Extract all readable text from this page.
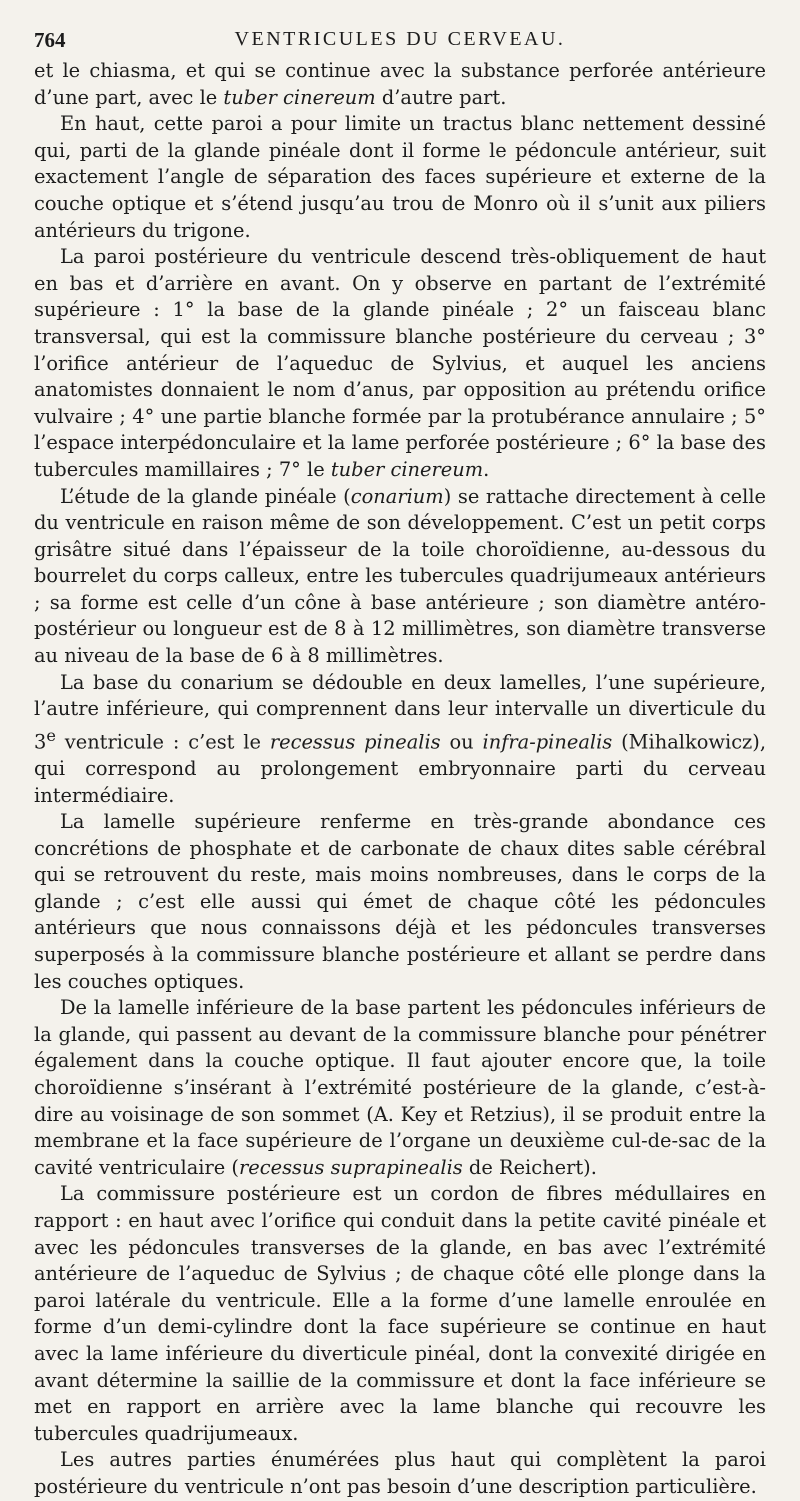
764	VENTRICULES DU CERVEAU.

et le chiasma, et qui se continue avec la substance perforée antérieure d’une part, avec le tuber cinereum d’autre part.

En haut, cette paroi a pour limite un tractus blanc nettement dessiné qui, parti de la glande pinéale dont il forme le pédoncule antérieur, suit exactement l’angle de séparation des faces supérieure et externe de la couche optique et s’étend jusqu’au trou de Monro où il s’unit aux piliers antérieurs du trigone.

La paroi postérieure du ventricule descend très-obliquement de haut en bas et d’arrière en avant. On y observe en partant de l’extrémité supérieure : 1° la base de la glande pinéale ; 2° un faisceau blanc transversal, qui est la commissure blanche postérieure du cerveau ; 3° l’orifice antérieur de l’aqueduc de Sylvius, et auquel les anciens anatomistes donnaient le nom d’anus, par opposition au prétendu orifice vulvaire ; 4° une partie blanche formée par la protubérance annulaire ; 5° l’espace interpédonculaire et la lame perforée postérieure ; 6° la base des tubercules mamillaires ; 7° le tuber cinereum.

L’étude de la glande pinéale (conarium) se rattache directement à celle du ventricule en raison même de son développement. C’est un petit corps grisâtre situé dans l’épaisseur de la toile choroïdienne, au-dessous du bourrelet du corps calleux, entre les tubercules quadrijumeaux antérieurs ; sa forme est celle d’un cône à base antérieure ; son diamètre antéro-postérieur ou longueur est de 8 à 12 millimètres, son diamètre transverse au niveau de la base de 6 à 8 millimètres.

La base du conarium se dédouble en deux lamelles, l’une supérieure, l’autre inférieure, qui comprennent dans leur intervalle un diverticule du 3e ventricule : c’est le recessus pinealis ou infra-pinealis (Mihalkowicz), qui correspond au prolongement embryonnaire parti du cerveau intermédiaire.

La lamelle supérieure renferme en très-grande abondance ces concrétions de phosphate et de carbonate de chaux dites sable cérébral qui se retrouvent du reste, mais moins nombreuses, dans le corps de la glande ; c’est elle aussi qui émet de chaque côté les pédoncules antérieurs que nous connaissons déjà et les pédoncules transverses superposés à la commissure blanche postérieure et allant se perdre dans les couches optiques.

De la lamelle inférieure de la base partent les pédoncules inférieurs de la glande, qui passent au devant de la commissure blanche pour pénétrer également dans la couche optique. Il faut ajouter encore que, la toile choroïdienne s’insérant à l’extrémité postérieure de la glande, c’est-à-dire au voisinage de son sommet (A. Key et Retzius), il se produit entre la membrane et la face supérieure de l’organe un deuxième cul-de-sac de la cavité ventriculaire (recessus suprapinealis de Reichert).

La commissure postérieure est un cordon de fibres médullaires en rapport : en haut avec l’orifice qui conduit dans la petite cavité pinéale et avec les pédoncules transverses de la glande, en bas avec l’extrémité antérieure de l’aqueduc de Sylvius ; de chaque côté elle plonge dans la paroi latérale du ventricule. Elle a la forme d’une lamelle enroulée en forme d’un demi-cylindre dont la face supérieure se continue en haut avec la lame inférieure du diverticule pinéal, dont la convexité dirigée en avant détermine la saillie de la commissure et dont la face inférieure se met en rapport en arrière avec la lame blanche qui recouvre les tubercules quadrijumeaux.

Les autres parties énumérées plus haut qui complètent la paroi postérieure du ventricule n’ont pas besoin d’une description particulière.
